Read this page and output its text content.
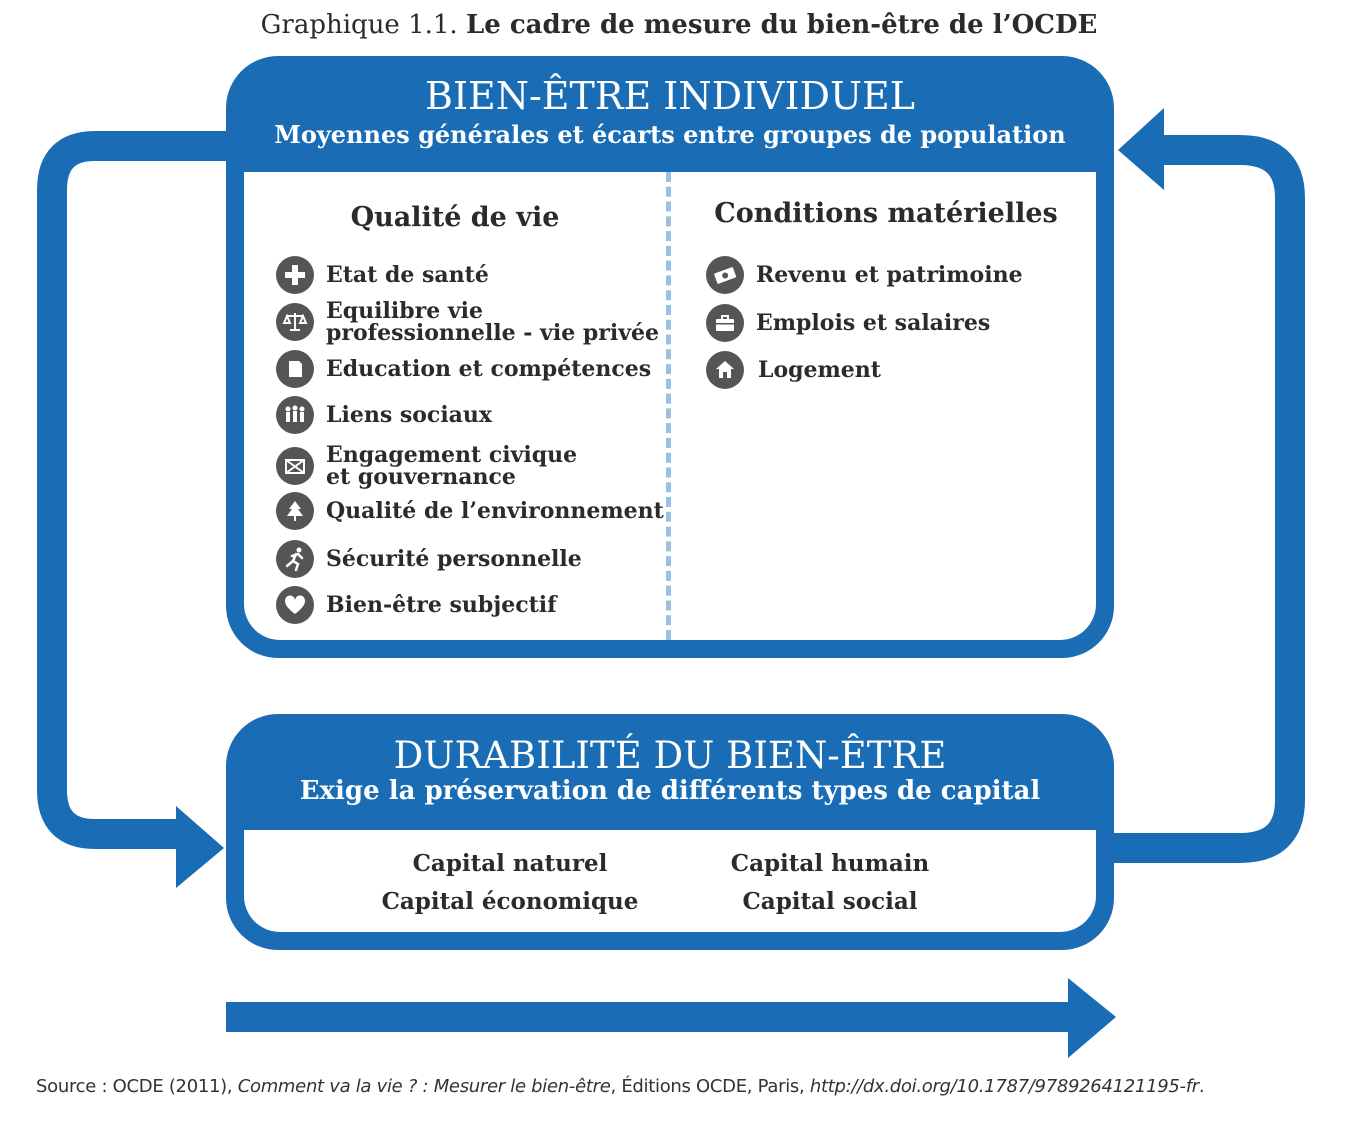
Graphique 1.1. Le cadre de mesure du bien-être de l’OCDE
BIEN-ÊTRE INDIVIDUEL
Moyennes générales et écarts entre groupes de population
Qualité de vie
Etat de santé
Equilibre vie
professionnelle - vie privée
Education et compétences
Liens sociaux
Engagement civique
et gouvernance
Qualité de l’environnement
Sécurité personnelle
Bien-être subjectif
Conditions matérielles
Revenu et patrimoine
Emplois et salaires
Logement
DURABILITÉ DU BIEN-ÊTRE
Exige la préservation de différents types de capital
Capital naturel	Capital humain
Capital économique	Capital social
Source : OCDE (2011), Comment va la vie ? : Mesurer le bien-être, Éditions OCDE, Paris, http://dx.doi.org/10.1787/9789264121195-fr.
